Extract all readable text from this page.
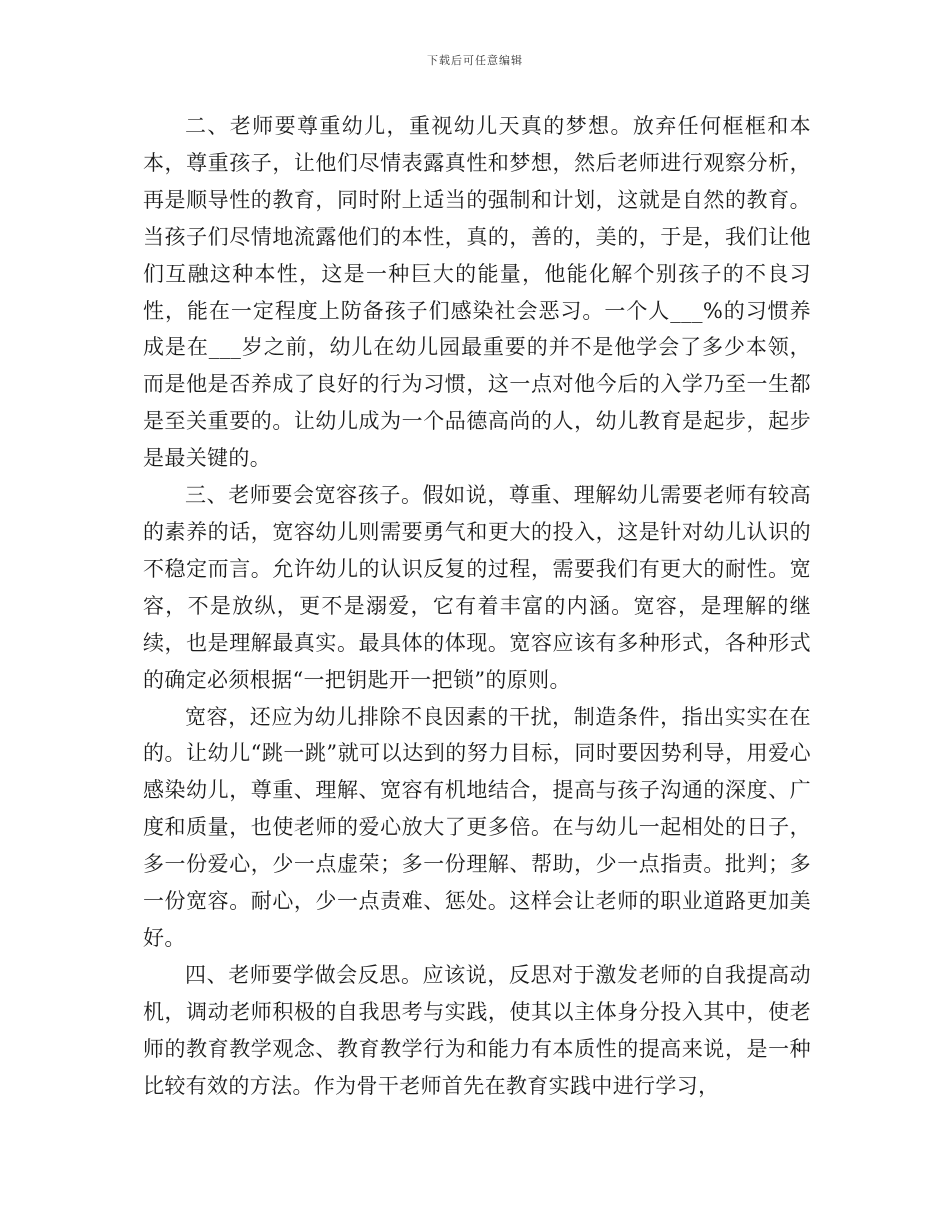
下载后可任意编辑

二、老师要尊重幼儿，重视幼儿天真的梦想。放弃任何框框和本本，尊重孩子，让他们尽情表露真性和梦想，然后老师进行观察分析，再是顺导性的教育，同时附上适当的强制和计划，这就是自然的教育。当孩子们尽情地流露他们的本性，真的，善的，美的，于是，我们让他们互融这种本性，这是一种巨大的能量，他能化解个别孩子的不良习性，能在一定程度上防备孩子们感染社会恶习。一个人___%的习惯养成是在___岁之前，幼儿在幼儿园最重要的并不是他学会了多少本领，而是他是否养成了良好的行为习惯，这一点对他今后的入学乃至一生都是至关重要的。让幼儿成为一个品德高尚的人，幼儿教育是起步，起步是最关键的。

三、老师要会宽容孩子。假如说，尊重、理解幼儿需要老师有较高的素养的话，宽容幼儿则需要勇气和更大的投入，这是针对幼儿认识的不稳定而言。允许幼儿的认识反复的过程，需要我们有更大的耐性。宽容，不是放纵，更不是溺爱，它有着丰富的内涵。宽容，是理解的继续，也是理解最真实。最具体的体现。宽容应该有多种形式，各种形式的确定必须根据“一把钥匙开一把锁”的原则。

宽容，还应为幼儿排除不良因素的干扰，制造条件，指出实实在在的。让幼儿“跳一跳”就可以达到的努力目标，同时要因势利导，用爱心感染幼儿，尊重、理解、宽容有机地结合，提高与孩子沟通的深度、广度和质量，也使老师的爱心放大了更多倍。在与幼儿一起相处的日子，多一份爱心，少一点虚荣；多一份理解、帮助，少一点指责。批判；多一份宽容。耐心，少一点责难、惩处。这样会让老师的职业道路更加美好。

四、老师要学做会反思。应该说，反思对于激发老师的自我提高动机，调动老师积极的自我思考与实践，使其以主体身分投入其中，使老师的教育教学观念、教育教学行为和能力有本质性的提高来说，是一种比较有效的方法。作为骨干老师首先在教育实践中进行学习，
